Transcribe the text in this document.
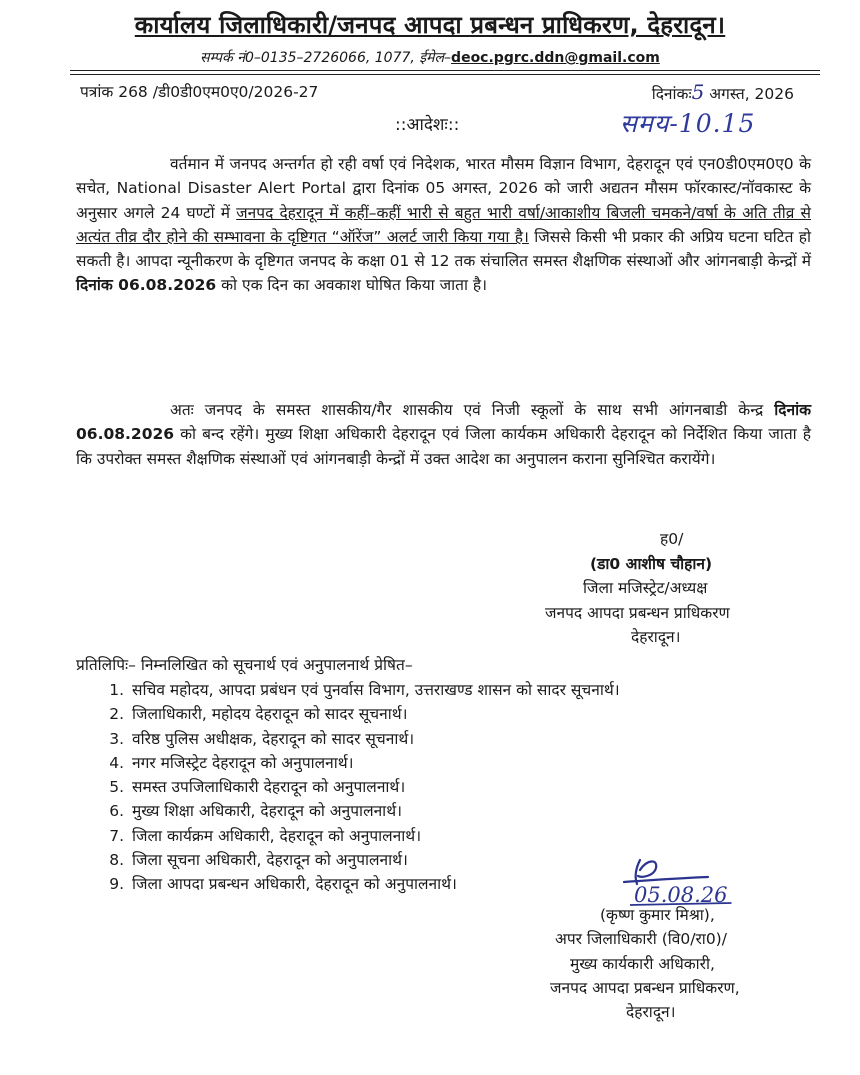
कार्यालय जिलाधिकारी/जनपद आपदा प्रबन्धन प्राधिकरण, देहरादून।
सम्पर्क नं0–0135–2726066, 1077, ईमेल–deoc.pgrc.ddn@gmail.com
पत्रांक 268 /डी0डी0एम0ए0/2026-27	दिनांकः5 अगस्त, 2026
::आदेशः::	समय-10.15
वर्तमान में जनपद अन्तर्गत हो रही वर्षा एवं निदेशक, भारत मौसम विज्ञान विभाग, देहरादून एवं एन0डी0एम0ए0 के सचेत, National Disaster Alert Portal द्वारा दिनांक 05 अगस्त, 2026 को जारी अद्यतन मौसम फॉरकास्ट/नॉवकास्ट के अनुसार अगले 24 घण्टों में जनपद देहरादून में कहीं–कहीं भारी से बहुत भारी वर्षा/आकाशीय बिजली चमकने/वर्षा के अति तीव्र से अत्यंत तीव्र दौर होने की सम्भावना के दृष्टिगत “ऑरेंज” अलर्ट जारी किया गया है। जिससे किसी भी प्रकार की अप्रिय घटना घटित हो सकती है। आपदा न्यूनीकरण के दृष्टिगत जनपद के कक्षा 01 से 12 तक संचालित समस्त शैक्षणिक संस्थाओं और आंगनबाड़ी केन्द्रों में दिनांक 06.08.2026 को एक दिन का अवकाश घोषित किया जाता है।
अतः जनपद के समस्त शासकीय/गैर शासकीय एवं निजी स्कूलों के साथ सभी आंगनबाडी केन्द्र दिनांक 06.08.2026 को बन्द रहेंगे। मुख्य शिक्षा अधिकारी देहरादून एवं जिला कार्यकम अधिकारी देहरादून को निर्देशित किया जाता है कि उपरोक्त समस्त शैक्षणिक संस्थाओं एवं आंगनबाड़ी केन्द्रों में उक्त आदेश का अनुपालन कराना सुनिश्चित करायेंगे।
ह0/
(डा0 आशीष चौहान)
जिला मजिस्ट्रेट/अध्यक्ष
जनपद आपदा प्रबन्धन प्राधिकरण
देहरादून।
प्रतिलिपिः– निम्नलिखित को सूचनार्थ एवं अनुपालनार्थ प्रेषित–
1. सचिव महोदय, आपदा प्रबंधन एवं पुनर्वास विभाग, उत्तराखण्ड शासन को सादर सूचनार्थ।
2. जिलाधिकारी, महोदय देहरादून को सादर सूचनार्थ।
3. वरिष्ठ पुलिस अधीक्षक, देहरादून को सादर सूचनार्थ।
4. नगर मजिस्ट्रेट देहरादून को अनुपालनार्थ।
5. समस्त उपजिलाधिकारी देहरादून को अनुपालनार्थ।
6. मुख्य शिक्षा अधिकारी, देहरादून को अनुपालनार्थ।
7. जिला कार्यक्रम अधिकारी, देहरादून को अनुपालनार्थ।
8. जिला सूचना अधिकारी, देहरादून को अनुपालनार्थ।
9. जिला आपदा प्रबन्धन अधिकारी, देहरादून को अनुपालनार्थ।	05.08.26
(कृष्ण कुमार मिश्रा),
अपर जिलाधिकारी (वि0/रा0)/
मुख्य कार्यकारी अधिकारी,
जनपद आपदा प्रबन्धन प्राधिकरण,
देहरादून।
